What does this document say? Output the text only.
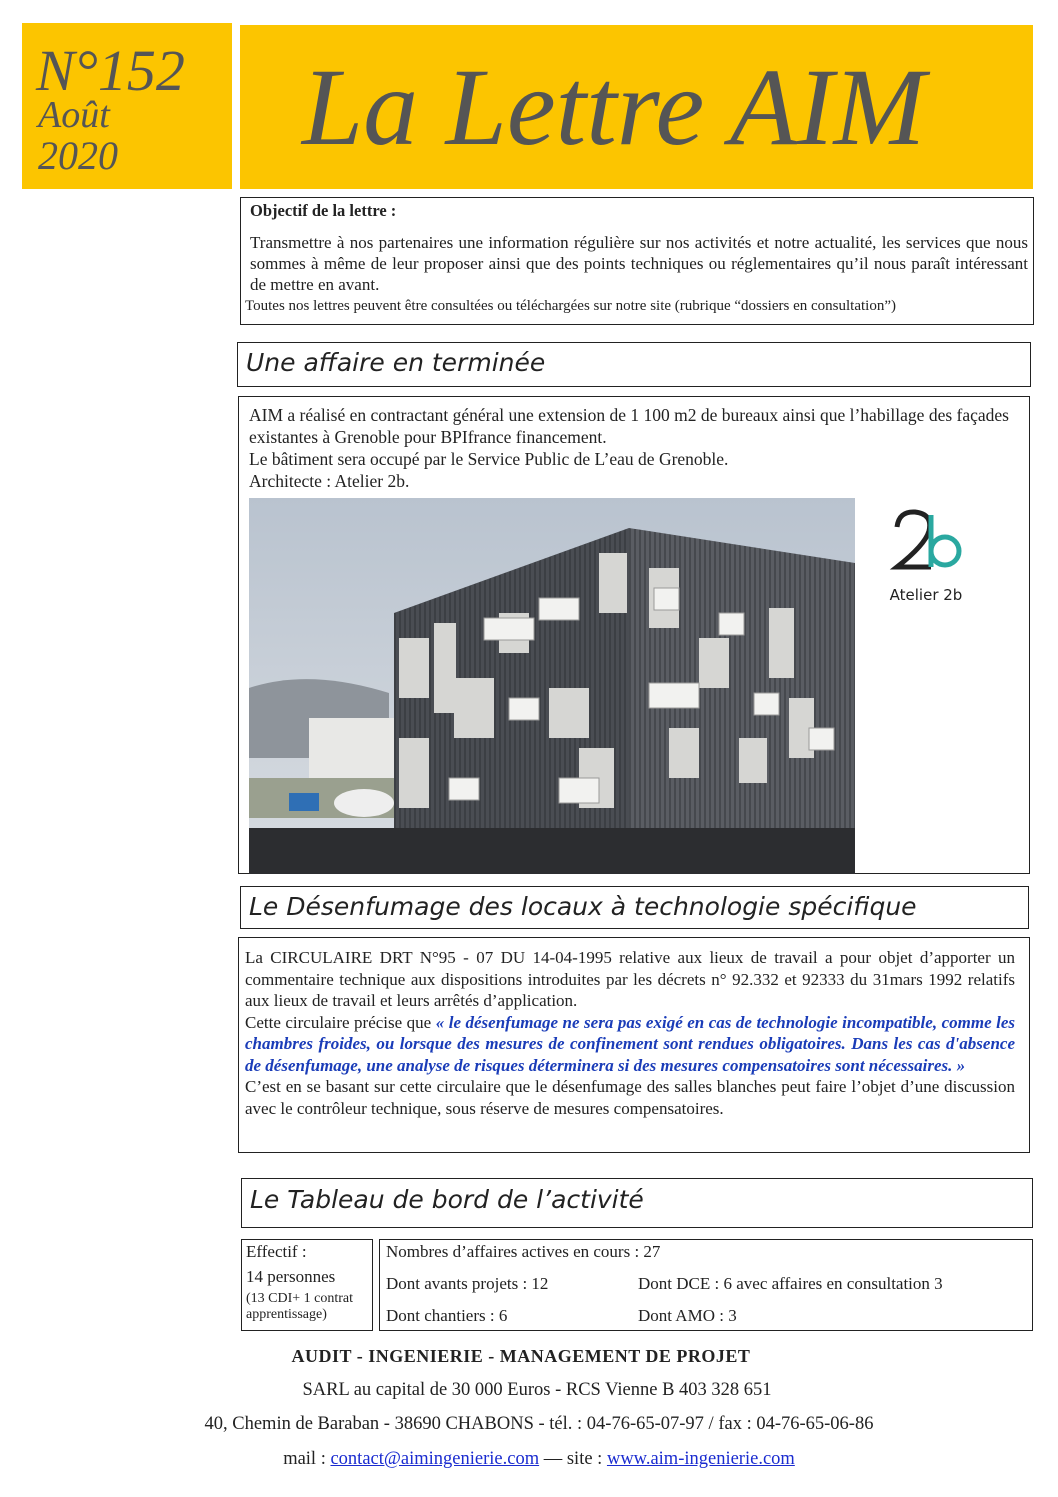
N°152
Août
2020 La Lettre AIM
Objectif de la lettre :
Transmettre à nos partenaires une information régulière sur nos activités et notre actualité, les services que nous sommes à même de leur proposer ainsi que des points techniques ou réglementaires qu’il nous paraît intéressant de mettre en avant.
Toutes nos lettres peuvent être consultées ou téléchargées sur notre site (rubrique “dossiers en consultation”)
Une affaire en terminée
AIM a réalisé en contractant général une extension de 1 100 m2 de bureaux ainsi que l’habillage des façades existantes à Grenoble pour BPIfrance financement.
Le bâtiment sera occupé par le Service Public de L’eau de Grenoble.
Architecte : Atelier 2b.
Atelier 2b
Le Désenfumage des locaux à technologie spécifique
La CIRCULAIRE DRT N°95 - 07 DU 14-04-1995 relative aux lieux de travail a pour objet d’apporter un commentaire technique aux dispositions introduites par les décrets n° 92.332 et 92333 du 31mars 1992 relatifs aux lieux de travail et leurs arrêtés d’application.
Cette circulaire précise que « le désenfumage ne sera pas exigé en cas de technologie incompatible, comme les chambres froides, ou lorsque des mesures de confinement sont rendues obligatoires. Dans les cas d'absence de désenfumage, une analyse de risques déterminera si des mesures compensatoires sont nécessaires. »
C’est en se basant sur cette circulaire que le désenfumage des salles blanches peut faire l’objet d’une discussion avec le contrôleur technique, sous réserve de mesures compensatoires.
Le Tableau de bord de l’activité
Effectif :
14 personnes
(13 CDI+ 1 contrat apprentissage)
Nombres d’affaires actives en cours : 27
Dont avants projets : 12	Dont DCE : 6 avec affaires en consultation 3
Dont chantiers : 6	Dont AMO : 3
AUDIT - INGENIERIE - MANAGEMENT DE PROJET
SARL au capital de 30 000 Euros - RCS Vienne B 403 328 651
40, Chemin de Baraban - 38690 CHABONS - tél. : 04-76-65-07-97 / fax : 04-76-65-06-86
mail : contact@aimingenierie.com — site : www.aim-ingenierie.com
